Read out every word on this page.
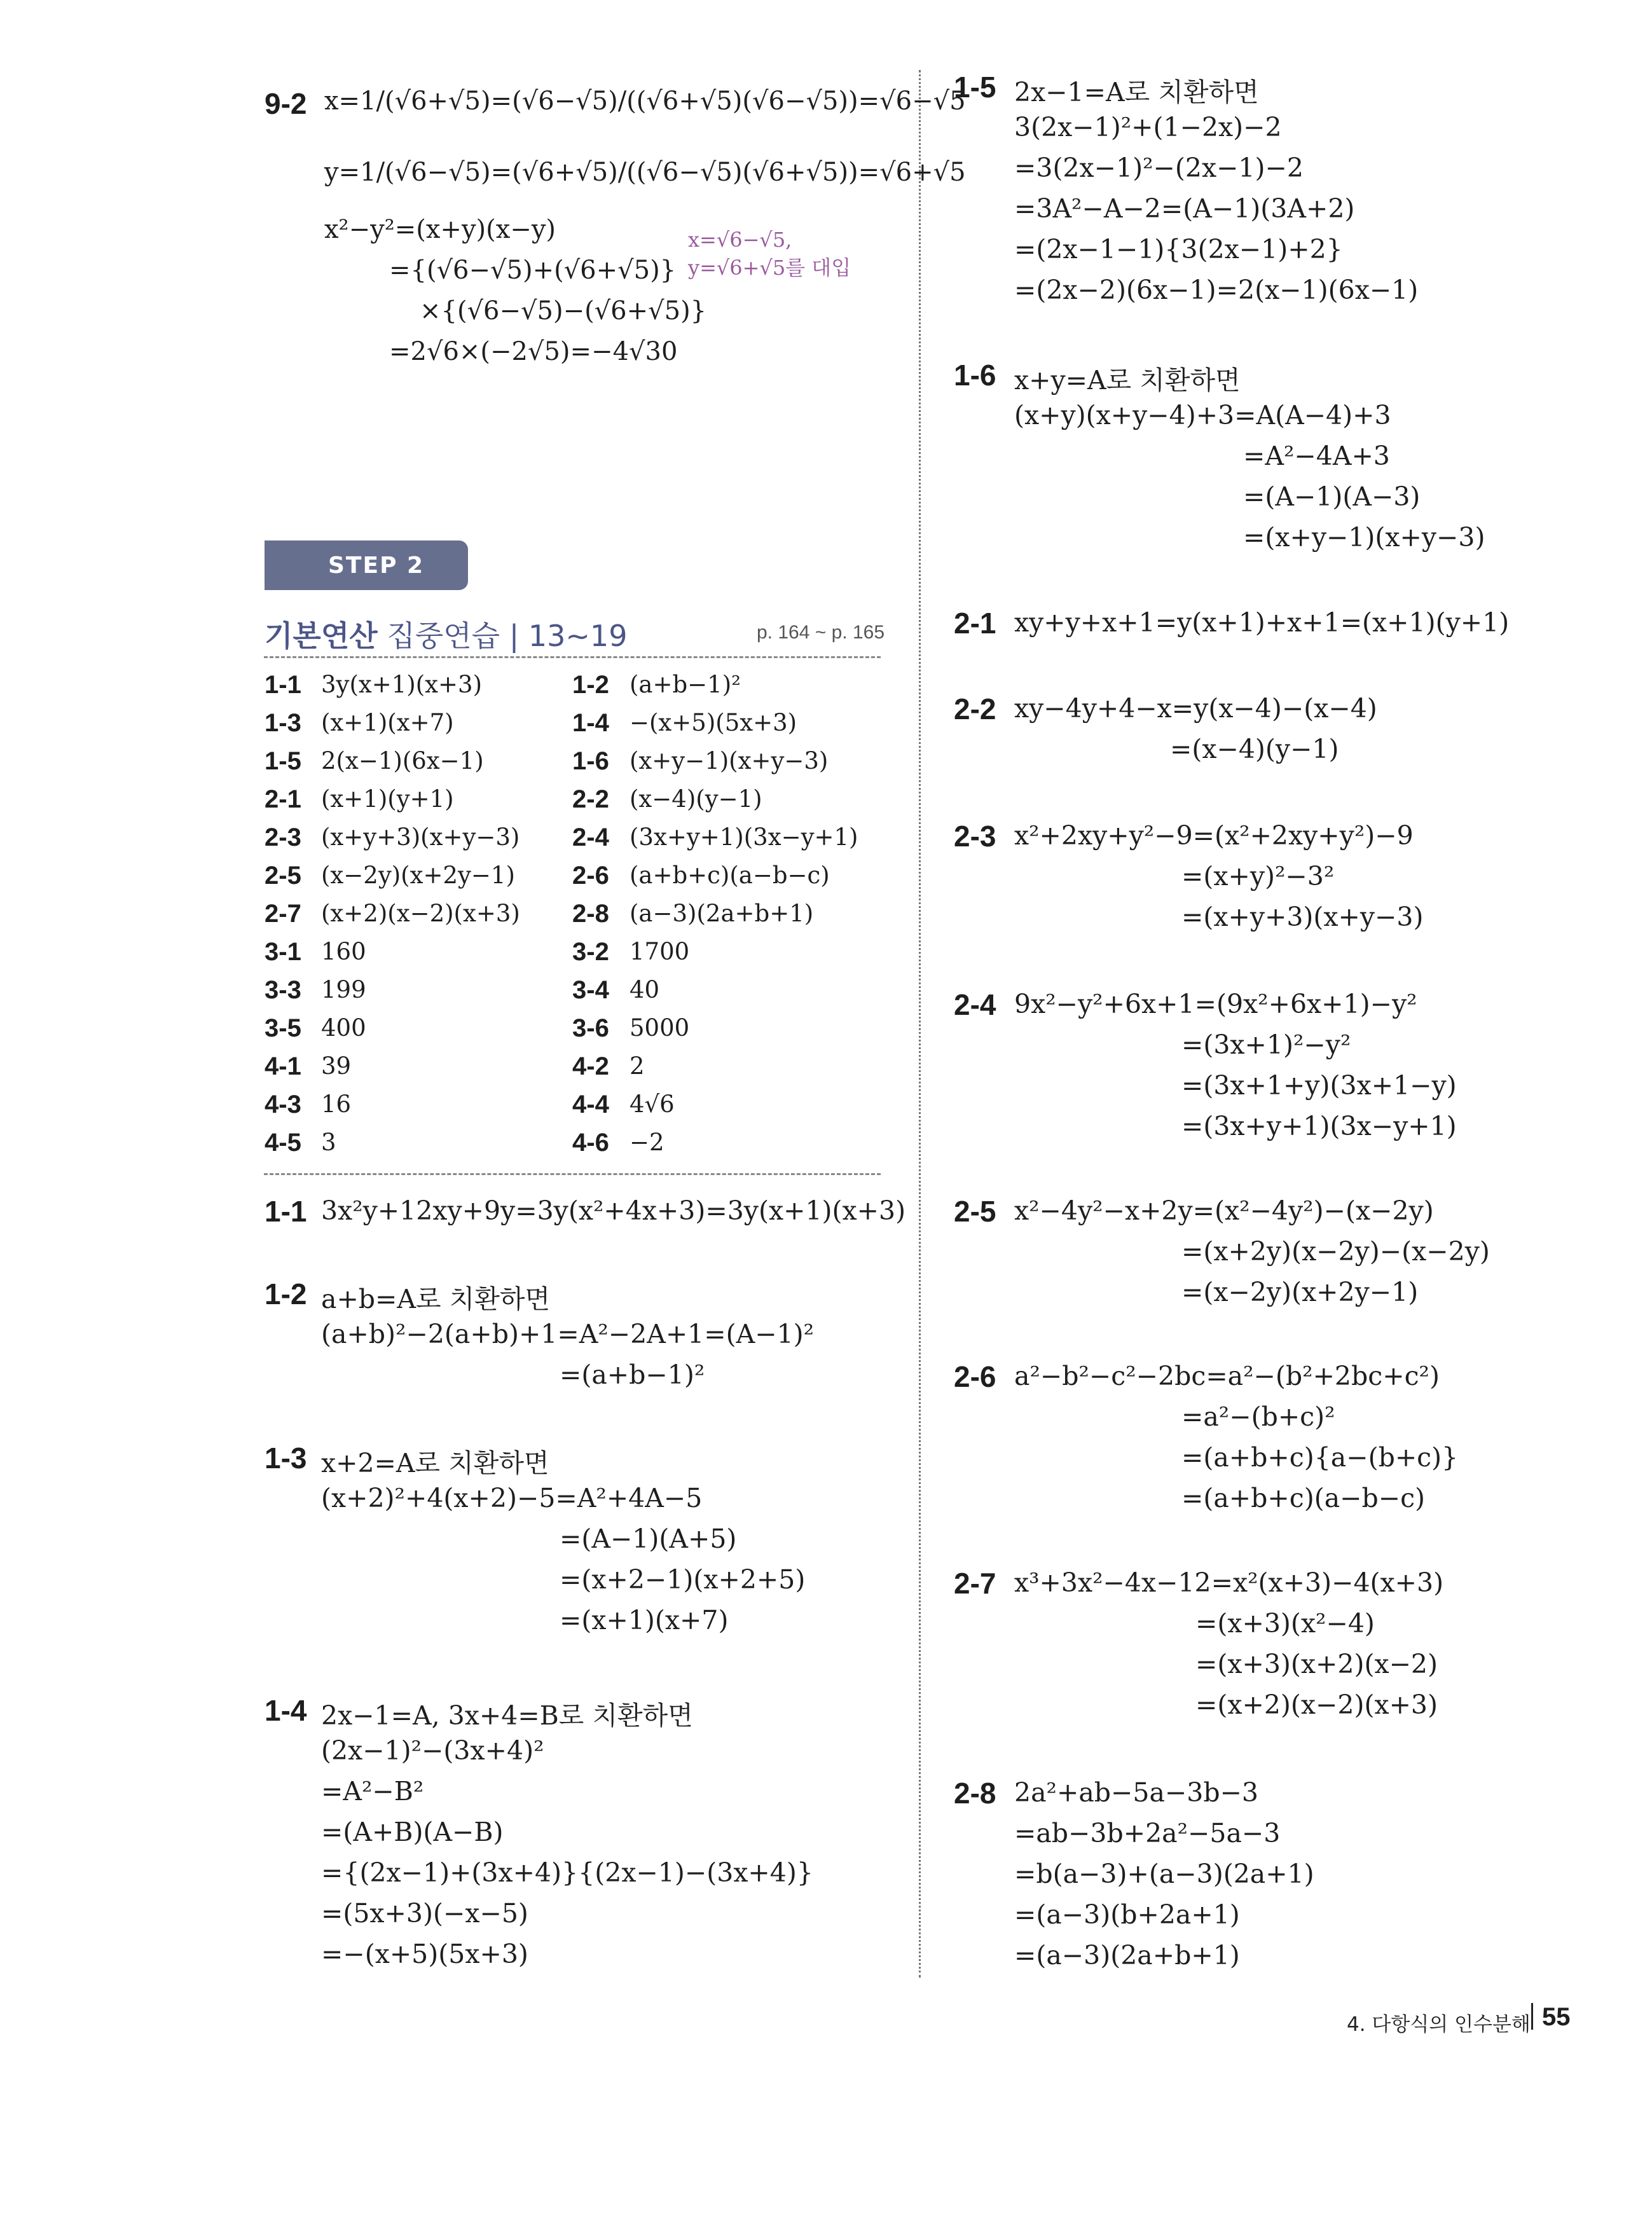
9-2 x=1/(√6+√5)=(√6−√5)/((√6+√5)(√6−√5))=√6−√5
y=1/(√6−√5)=(√6+√5)/((√6−√5)(√6+√5))=√6+√5
x²−y²=(x+y)(x−y)
={(√6−√5)+(√6+√5)}
×{(√6−√5)−(√6+√5)}
=2√6×(−2√5)=−4√30
x=√6−√5,
y=√6+√5를 대입
STEP 2
기본연산 집중연습 | 13~19	p. 164 ~ p. 165
1-1 3y(x+1)(x+3)
1-3 (x+1)(x+7)
1-5 2(x−1)(6x−1)
2-1 (x+1)(y+1)
2-3 (x+y+3)(x+y−3)
2-5 (x−2y)(x+2y−1)
2-7 (x+2)(x−2)(x+3)
3-1 160
3-3 199
3-5 400
4-1 39
4-3 16
4-5 3
1-2 (a+b−1)²
1-4 −(x+5)(5x+3)
1-6 (x+y−1)(x+y−3)
2-2 (x−4)(y−1)
2-4 (3x+y+1)(3x−y+1)
2-6 (a+b+c)(a−b−c)
2-8 (a−3)(2a+b+1)
3-2 1700
3-4 40
3-6 5000
4-2 2
4-4 4√6
4-6 −2
1-1 3x²y+12xy+9y=3y(x²+4x+3)=3y(x+1)(x+3)
1-2 a+b=A로 치환하면
(a+b)²−2(a+b)+1=A²−2A+1=(A−1)²
=(a+b−1)²
1-3 x+2=A로 치환하면
(x+2)²+4(x+2)−5=A²+4A−5
=(A−1)(A+5)
=(x+2−1)(x+2+5)
=(x+1)(x+7)
1-4 2x−1=A, 3x+4=B로 치환하면
(2x−1)²−(3x+4)²
=A²−B²
=(A+B)(A−B)
={(2x−1)+(3x+4)}{(2x−1)−(3x+4)}
=(5x+3)(−x−5)
=−(x+5)(5x+3)
1-5 2x−1=A로 치환하면
3(2x−1)²+(1−2x)−2
=3(2x−1)²−(2x−1)−2
=3A²−A−2=(A−1)(3A+2)
=(2x−1−1){3(2x−1)+2}
=(2x−2)(6x−1)=2(x−1)(6x−1)
1-6 x+y=A로 치환하면
(x+y)(x+y−4)+3=A(A−4)+3
=A²−4A+3
=(A−1)(A−3)
=(x+y−1)(x+y−3)
2-1 xy+y+x+1=y(x+1)+x+1=(x+1)(y+1)
2-2 xy−4y+4−x=y(x−4)−(x−4)
=(x−4)(y−1)
2-3 x²+2xy+y²−9=(x²+2xy+y²)−9
=(x+y)²−3²
=(x+y+3)(x+y−3)
2-4 9x²−y²+6x+1=(9x²+6x+1)−y²
=(3x+1)²−y²
=(3x+1+y)(3x+1−y)
=(3x+y+1)(3x−y+1)
2-5 x²−4y²−x+2y=(x²−4y²)−(x−2y)
=(x+2y)(x−2y)−(x−2y)
=(x−2y)(x+2y−1)
2-6 a²−b²−c²−2bc=a²−(b²+2bc+c²)
=a²−(b+c)²
=(a+b+c){a−(b+c)}
=(a+b+c)(a−b−c)
2-7 x³+3x²−4x−12=x²(x+3)−4(x+3)
=(x+3)(x²−4)
=(x+3)(x+2)(x−2)
=(x+2)(x−2)(x+3)
2-8 2a²+ab−5a−3b−3
=ab−3b+2a²−5a−3
=b(a−3)+(a−3)(2a+1)
=(a−3)(b+2a+1)
=(a−3)(2a+b+1)
4. 다항식의 인수분해 55
